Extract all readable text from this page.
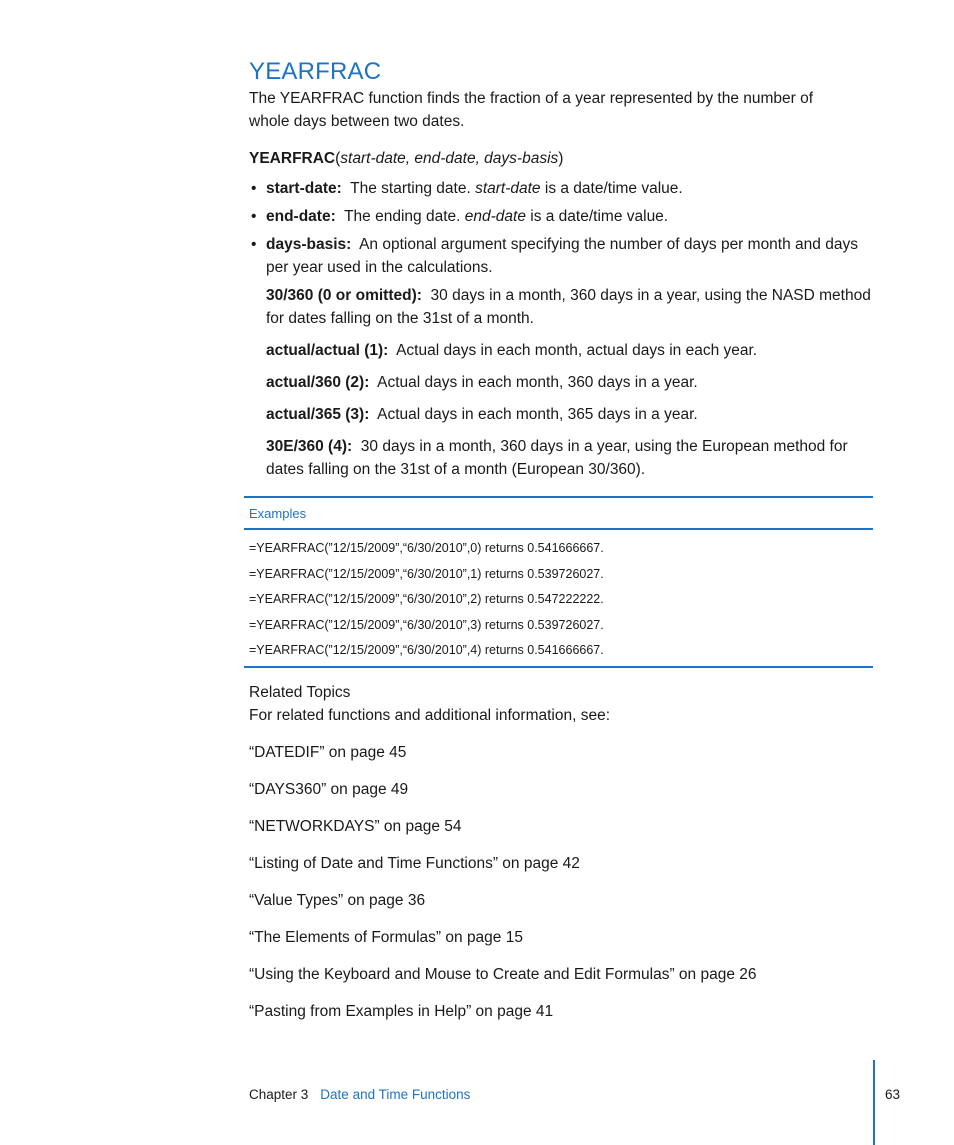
YEARFRAC
The YEARFRAC function finds the fraction of a year represented by the number of whole days between two dates.
YEARFRAC(start-date, end-date, days-basis)
• start-date: The starting date. start-date is a date/time value.
• end-date: The ending date. end-date is a date/time value.
• days-basis: An optional argument specifying the number of days per month and days per year used in the calculations.
30/360 (0 or omitted): 30 days in a month, 360 days in a year, using the NASD method for dates falling on the 31st of a month.
actual/actual (1): Actual days in each month, actual days in each year.
actual/360 (2): Actual days in each month, 360 days in a year.
actual/365 (3): Actual days in each month, 365 days in a year.
30E/360 (4): 30 days in a month, 360 days in a year, using the European method for dates falling on the 31st of a month (European 30/360).
Examples
=YEARFRAC(”12/15/2009”,“6/30/2010”,0) returns 0.541666667.
=YEARFRAC(”12/15/2009”,“6/30/2010”,1) returns 0.539726027.
=YEARFRAC(”12/15/2009”,“6/30/2010”,2) returns 0.547222222.
=YEARFRAC(”12/15/2009”,“6/30/2010”,3) returns 0.539726027.
=YEARFRAC(”12/15/2009”,“6/30/2010”,4) returns 0.541666667.
Related Topics
For related functions and additional information, see:
“DATEDIF” on page 45
“DAYS360” on page 49
“NETWORKDAYS” on page 54
“Listing of Date and Time Functions” on page 42
“Value Types” on page 36
“The Elements of Formulas” on page 15
“Using the Keyboard and Mouse to Create and Edit Formulas” on page 26
“Pasting from Examples in Help” on page 41
Chapter 3 Date and Time Functions	63
